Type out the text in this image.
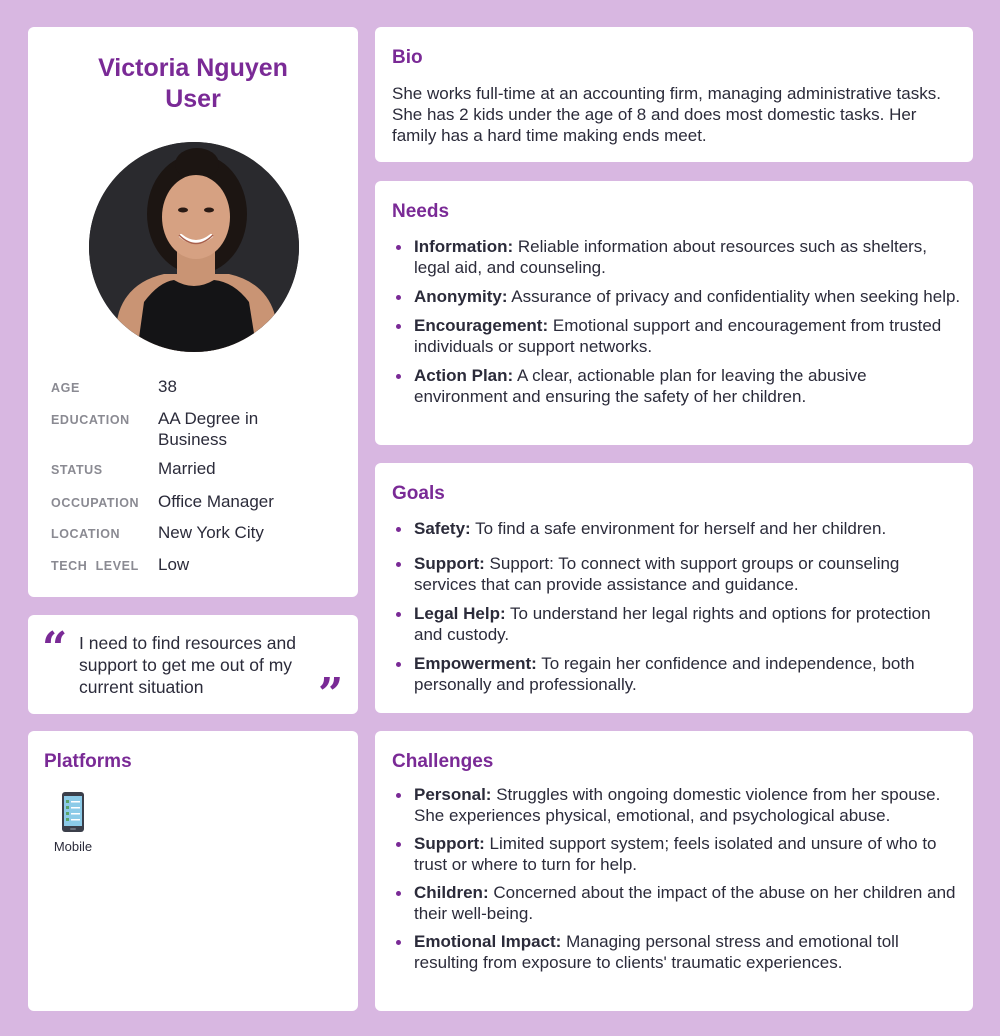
Victoria Nguyen
User
AGE	38
EDUCATION AA Degree in Business
STATUS	Married
OCCUPATION Office Manager
LOCATION New York City
TECH  LEVEL Low
“ I need to find resources and support to get me out of my current situation	”
Platforms
Mobile
Bio
She works full-time at an accounting firm, managing administrative tasks. She has 2 kids under the age of 8 and does most domestic tasks. Her family has a hard time making ends meet.
Needs
Information: Reliable information about resources such as shelters, legal aid, and counseling.
Anonymity: Assurance of privacy and confidentiality when seeking help.
Encouragement: Emotional support and encouragement from trusted individuals or support networks.
Action Plan: A clear, actionable plan for leaving the abusive environment and ensuring the safety of her children.
Goals
Safety: To find a safe environment for herself and her children.
Support: Support: To connect with support groups or counseling services that can provide assistance and guidance.
Legal Help: To understand her legal rights and options for protection and custody.
Empowerment: To regain her confidence and independence, both personally and professionally.
Challenges
Personal: Struggles with ongoing domestic violence from her spouse. She experiences physical, emotional, and psychological abuse.
Support: Limited support system; feels isolated and unsure of who to trust or where to turn for help.
Children: Concerned about the impact of the abuse on her children and their well-being.
Emotional Impact: Managing personal stress and emotional toll resulting from exposure to clients' traumatic experiences.
